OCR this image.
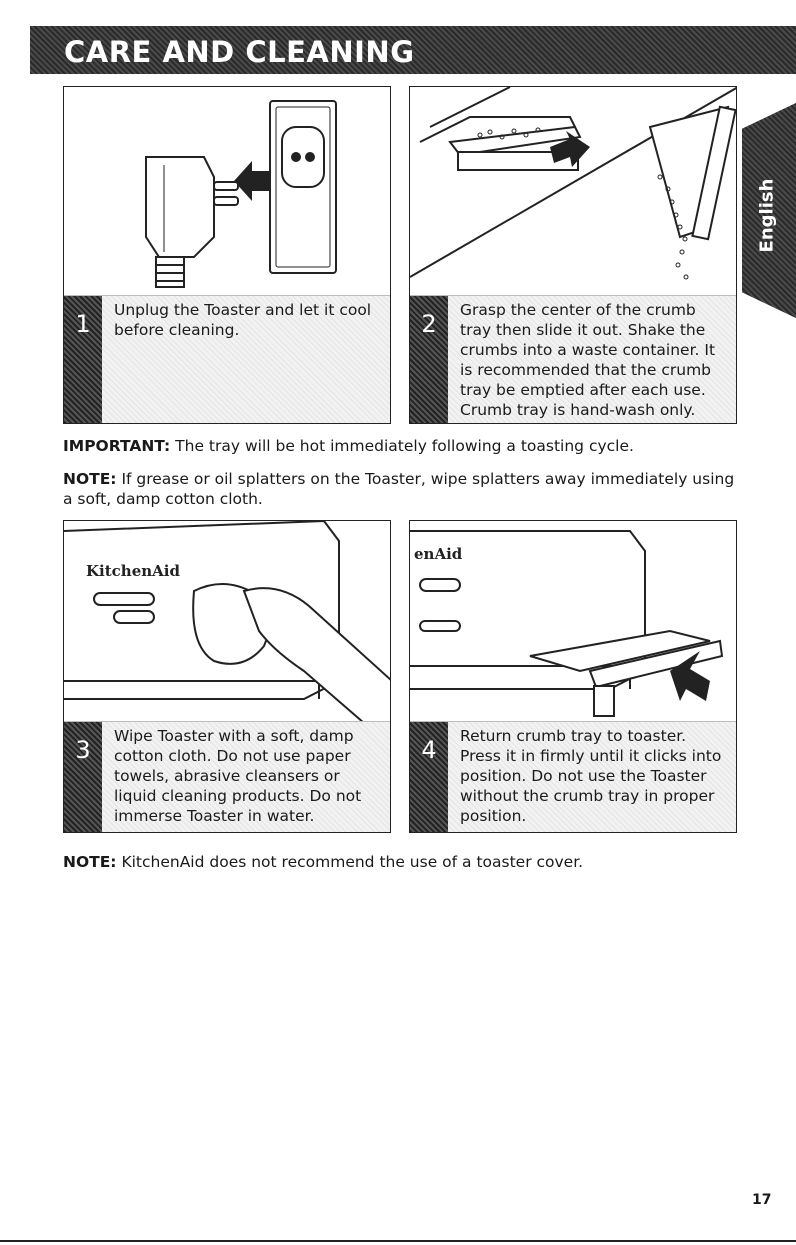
CARE AND CLEANING
English
1 Unplug the Toaster and let it cool before cleaning.	2 Grasp the center of the crumb tray then slide it out. Shake the crumbs into a waste container. It is recommended that the crumb tray be emptied after each use. Crumb tray is hand-wash only.
IMPORTANT: The tray will be hot immediately following a toasting cycle.
NOTE: If grease or oil splatters on the Toaster, wipe splatters away immediately using a soft, damp cotton cloth.
KitchenAid
3 Wipe Toaster with a soft, damp cotton cloth. Do not use paper towels, abrasive cleansers or liquid cleaning products. Do not immerse Toaster in water.
enAid
4 Return crumb tray to toaster. Press it in firmly until it clicks into position. Do not use the Toaster without the crumb tray in proper position.
NOTE: KitchenAid does not recommend the use of a toaster cover.
17
